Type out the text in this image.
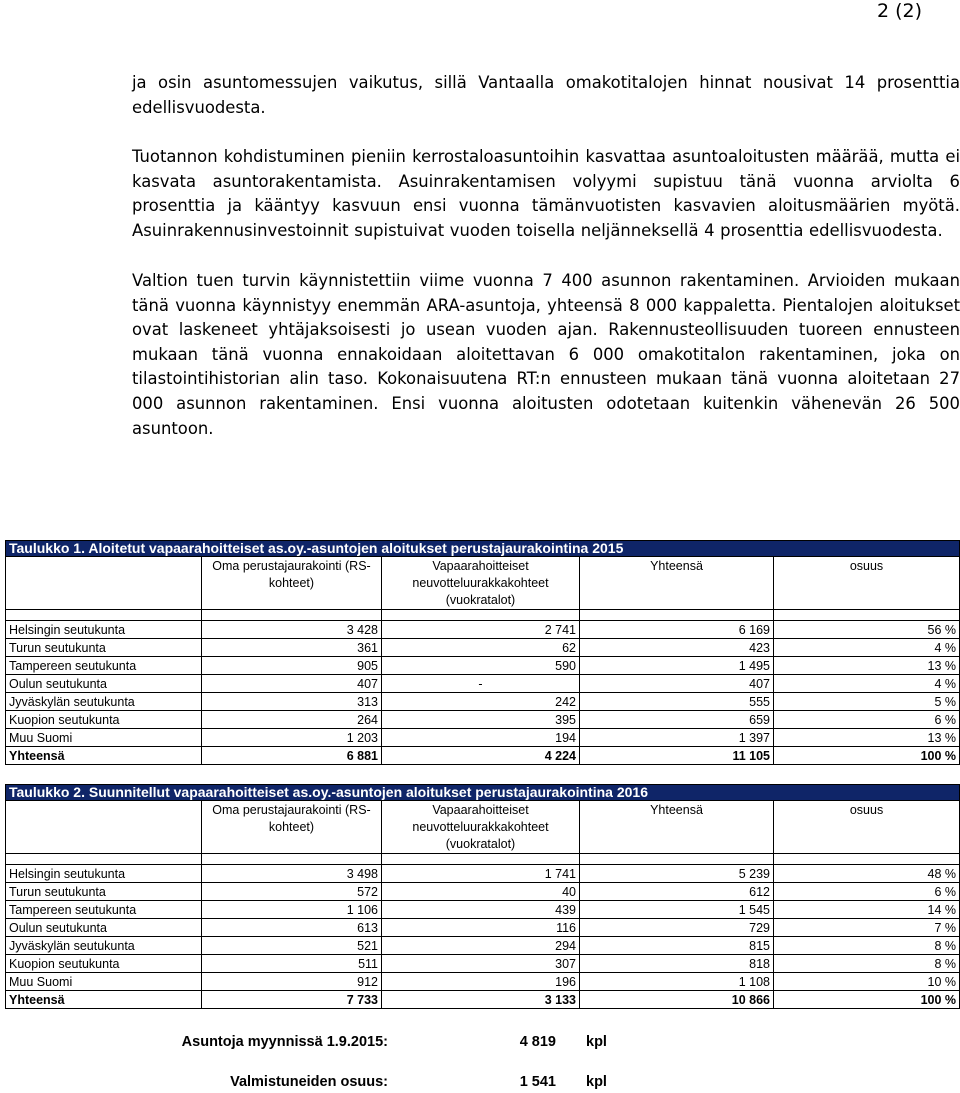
2 (2)

ja osin asuntomessujen vaikutus, sillä Vantaalla omakotitalojen hinnat nousivat 14 prosenttia edellisvuodesta.

Tuotannon kohdistuminen pieniin kerrostaloasuntoihin kasvattaa asuntoaloitusten määrää, mutta ei kasvata asuntorakentamista. Asuinrakentamisen volyymi supistuu tänä vuonna arviolta 6 prosenttia ja kääntyy kasvuun ensi vuonna tämänvuotisten kasvavien aloitusmäärien myötä. Asuinrakennusinvestoinnit supistuivat vuoden toisella neljänneksellä 4 prosenttia edellisvuodesta.

Valtion tuen turvin käynnistettiin viime vuonna 7 400 asunnon rakentaminen. Arvioiden mukaan tänä vuonna käynnistyy enemmän ARA-asuntoja, yhteensä 8 000 kappaletta. Pientalojen aloitukset ovat laskeneet yhtäjaksoisesti jo usean vuoden ajan. Rakennusteollisuuden tuoreen ennusteen mukaan tänä vuonna ennakoidaan aloitettavan 6 000 omakotitalon rakentaminen, joka on tilastointihistorian alin taso. Kokonaisuutena RT:n ennusteen mukaan tänä vuonna aloitetaan 27 000 asunnon rakentaminen. Ensi vuonna aloitusten odotetaan kuitenkin vähenevän 26 500 asuntoon.

Taulukko 1. Aloitetut vapaarahoitteiset as.oy.-asuntojen aloitukset perustajaurakointina 2015				
	Oma perustajaurakointi (RS-kohteet)	Vapaarahoitteiset neuvotteluurakkakohteet (vuokratalot)	Yhteensä	osuus

Helsingin seutukunta	3 428	2 741	6 169	56 %
Turun seutukunta	361	62	423	4 %
Tampereen seutukunta	905	590	1 495	13 %
Oulun seutukunta	407	-	407	4 %
Jyväskylän seutukunta	313	242	555	5 %
Kuopion seutukunta	264	395	659	6 %
Muu Suomi	1 203	194	1 397	13 %
Yhteensä	6 881	4 224	11 105	100 %
Taulukko 2. Suunnitellut vapaarahoitteiset as.oy.-asuntojen aloitukset perustajaurakointina 2016				
	Oma perustajaurakointi (RS-kohteet)	Vapaarahoitteiset neuvotteluurakkakohteet (vuokratalot)	Yhteensä	osuus

Helsingin seutukunta	3 498	1 741	5 239	48 %
Turun seutukunta	572	40	612	6 %
Tampereen seutukunta	1 106	439	1 545	14 %
Oulun seutukunta	613	116	729	7 %
Jyväskylän seutukunta	521	294	815	8 %
Kuopion seutukunta	511	307	818	8 %
Muu Suomi	912	196	1 108	10 %
Yhteensä	7 733	3 133	10 866	100 %
Asuntoja myynnissä 1.9.2015:	4 819 kpl
Valmistuneiden osuus:	1 541 kpl
